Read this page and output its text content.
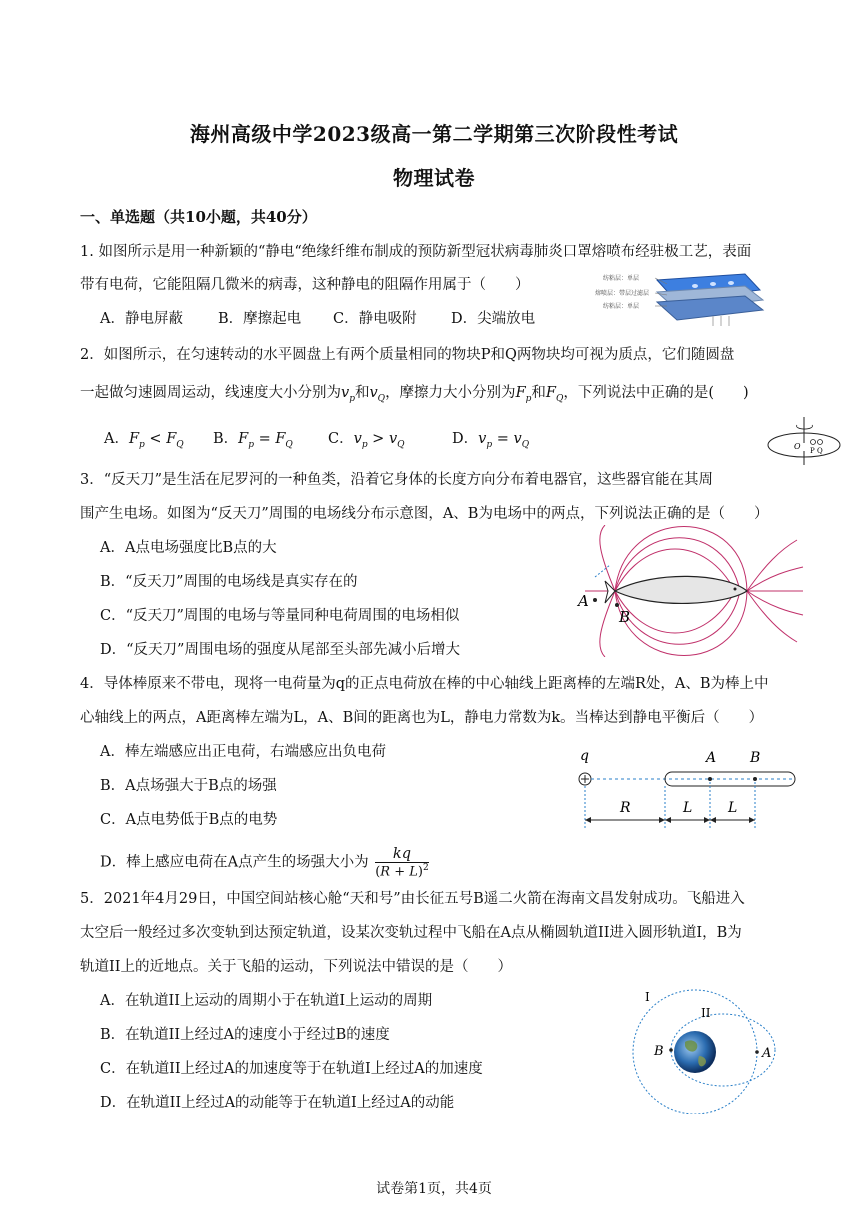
海州高级中学2023级高一第二学期第三次阶段性考试
物理试卷
一、单选题（共10小题，共40分）
1. 如图所示是用一种新颖的“静电“绝缘纤维布制成的预防新型冠状病毒肺炎口罩熔喷布经驻极工艺，表面
带有电荷，它能阻隔几微米的病毒，这种静电的阻隔作用属于（　　）
A．静电屏蔽 B．摩擦起电 C．静电吸附 D．尖端放电
纺粘层：单层
熔喷层：带层过滤层
纺粘层：单层
2．如图所示，在匀速转动的水平圆盘上有两个质量相同的物块P和Q两物块均可视为质点，它们随圆盘
一起做匀速圆周运动，线速度大小分别为$v_p$和$v_Q$，摩擦力大小分别为$F_p$和$F_Q$，下列说法中正确的是(　　)
A．$F_p < F_Q$ B．$F_p = F_Q$ C．$v_p > v_Q$	D．$v_p = v_Q$	O P Q
3．“反天刀”是生活在尼罗河的一种鱼类，沿着它身体的长度方向分布着电器官，这些器官能在其周
围产生电场。如图为“反天刀”周围的电场线分布示意图，A、B为电场中的两点，下列说法正确的是（　　）
A．A点电场强度比B点的大
B．“反天刀”周围的电场线是真实存在的
C．“反天刀”周围的电场与等量同种电荷周围的电场相似
D．“反天刀”周围电场的强度从尾部至头部先减小后增大
A
B
4．导体棒原来不带电，现将一电荷量为q的正点电荷放在棒的中心轴线上距离棒的左端R处，A、B为棒上中
心轴线上的两点，A距离棒左端为L，A、B间的距离也为L，静电力常数为k。当棒达到静电平衡后（　　）
A．棒左端感应出正电荷，右端感应出负电荷
B．A点场强大于B点的场强
C．A点电势低于B点的电势
D．棒上感应电荷在A点产生的场强大小为 $\frac{kq}{(R + L)^2}$
q	A B
R	L	L
5．2021年4月29日，中国空间站核心舱“天和号”由长征五号B遥二火箭在海南文昌发射成功。飞船进入
太空后一般经过多次变轨到达预定轨道，设某次变轨过程中飞船在A点从椭圆轨道II进入圆形轨道I，B为
轨道II上的近地点。关于飞船的运动，下列说法中错误的是（　　）
A．在轨道II上运动的周期小于在轨道I上运动的周期
B．在轨道II上经过A的速度小于经过B的速度
C．在轨道II上经过A的加速度等于在轨道I上经过A的加速度
D．在轨道II上经过A的动能等于在轨道I上经过A的动能
I
II
B	A
试卷第1页，共4页
